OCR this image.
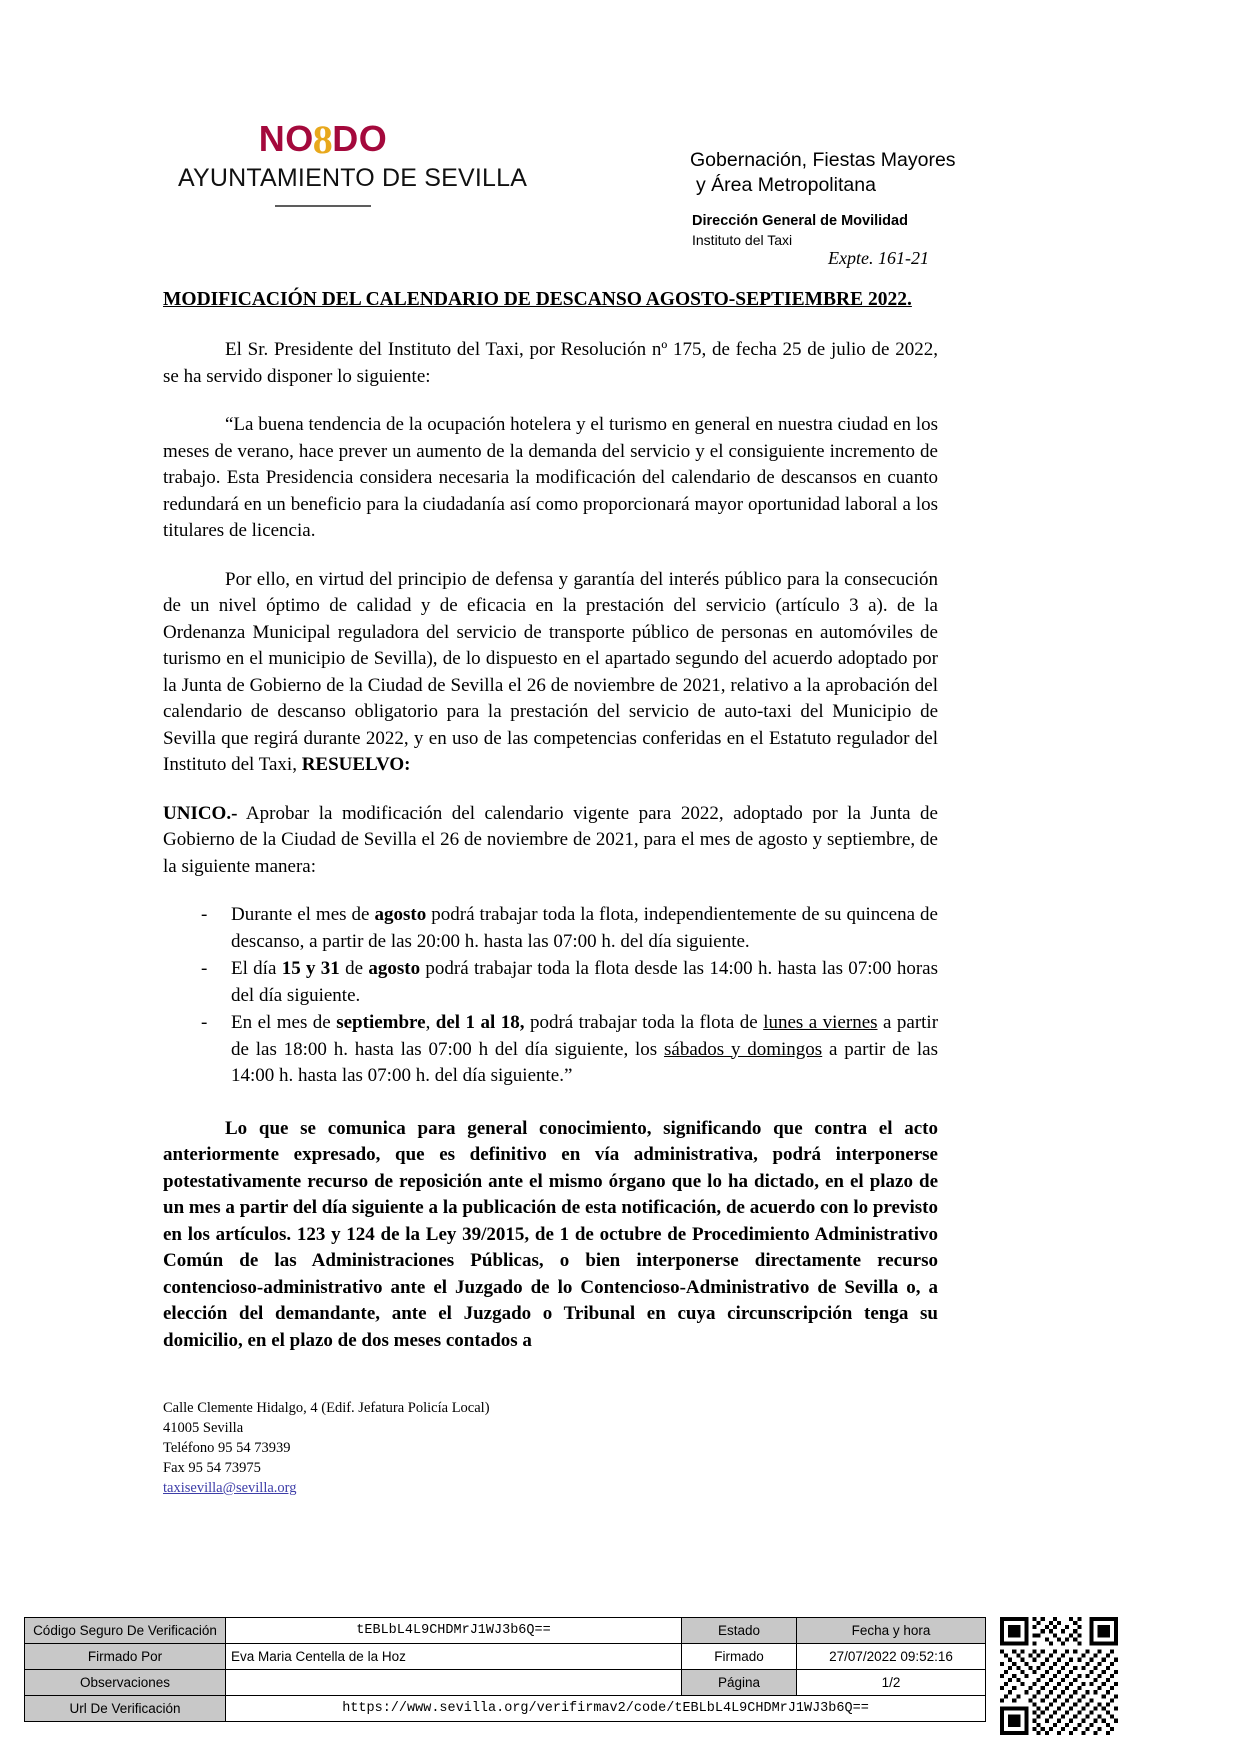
NO8DO
AYUNTAMIENTO DE SEVILLA
Gobernación, Fiestas Mayores
y Área Metropolitana
Dirección General de Movilidad
Instituto del Taxi
Expte. 161-21
MODIFICACIÓN DEL CALENDARIO DE DESCANSO AGOSTO-SEPTIEMBRE 2022.

El Sr. Presidente del Instituto del Taxi, por Resolución nº 175, de fecha 25 de julio de 2022, se ha servido disponer lo siguiente:

“La buena tendencia de la ocupación hotelera y el turismo en general en nuestra ciudad en los meses de verano, hace prever un aumento de la demanda del servicio y el consiguiente incremento de trabajo. Esta Presidencia considera necesaria la modificación del calendario de descansos en cuanto redundará en un beneficio para la ciudadanía así como proporcionará mayor oportunidad laboral a los titulares de licencia.

Por ello, en virtud del principio de defensa y garantía del interés público para la consecución de un nivel óptimo de calidad y de eficacia en la prestación del servicio (artículo 3 a). de la Ordenanza Municipal reguladora del servicio de transporte público de personas en automóviles de turismo en el municipio de Sevilla), de lo dispuesto en el apartado segundo del acuerdo adoptado por la Junta de Gobierno de la Ciudad de Sevilla el 26 de noviembre de 2021, relativo a la aprobación del calendario de descanso obligatorio para la prestación del servicio de auto-taxi del Municipio de Sevilla que regirá durante 2022, y en uso de las competencias conferidas en el Estatuto regulador del Instituto del Taxi, RESUELVO:

UNICO.- Aprobar la modificación del calendario vigente para 2022, adoptado por la Junta de Gobierno de la Ciudad de Sevilla el 26 de noviembre de 2021, para el mes de agosto y septiembre, de la siguiente manera:

- Durante el mes de agosto podrá trabajar toda la flota, independientemente de su quincena de descanso, a partir de las 20:00 h. hasta las 07:00 h. del día siguiente.
- El día 15 y 31 de agosto podrá trabajar toda la flota desde las 14:00 h. hasta las 07:00 horas del día siguiente.
- En el mes de septiembre, del 1 al 18, podrá trabajar toda la flota de lunes a viernes a partir de las 18:00 h. hasta las 07:00 h del día siguiente, los sábados y domingos a partir de las 14:00 h. hasta las 07:00 h. del día siguiente.”

Lo que se comunica para general conocimiento, significando que contra el acto anteriormente expresado, que es definitivo en vía administrativa, podrá interponerse potestativamente recurso de reposición ante el mismo órgano que lo ha dictado, en el plazo de un mes a partir del día siguiente a la publicación de esta notificación, de acuerdo con lo previsto en los artículos. 123 y 124 de la Ley 39/2015, de 1 de octubre de Procedimiento Administrativo Común de las Administraciones Públicas, o bien interponerse directamente recurso contencioso-administrativo ante el Juzgado de lo Contencioso-Administrativo de Sevilla o, a elección del demandante, ante el Juzgado o Tribunal en cuya circunscripción tenga su domicilio, en el plazo de dos meses contados a

Calle Clemente Hidalgo, 4 (Edif. Jefatura Policía Local)
41005 Sevilla
Teléfono 95 54 73939
Fax 95 54 73975
taxisevilla@sevilla.org
Código Seguro De Verificación	tEBLbL4L9CHDMrJ1WJ3b6Q==	Estado	Fecha y hora
Firmado Por	Eva Maria Centella de la Hoz	Firmado	27/07/2022 09:52:16
Observaciones		Página	1/2
Url De Verificación	https://www.sevilla.org/verifirmav2/code/tEBLbL4L9CHDMrJ1WJ3b6Q==		
